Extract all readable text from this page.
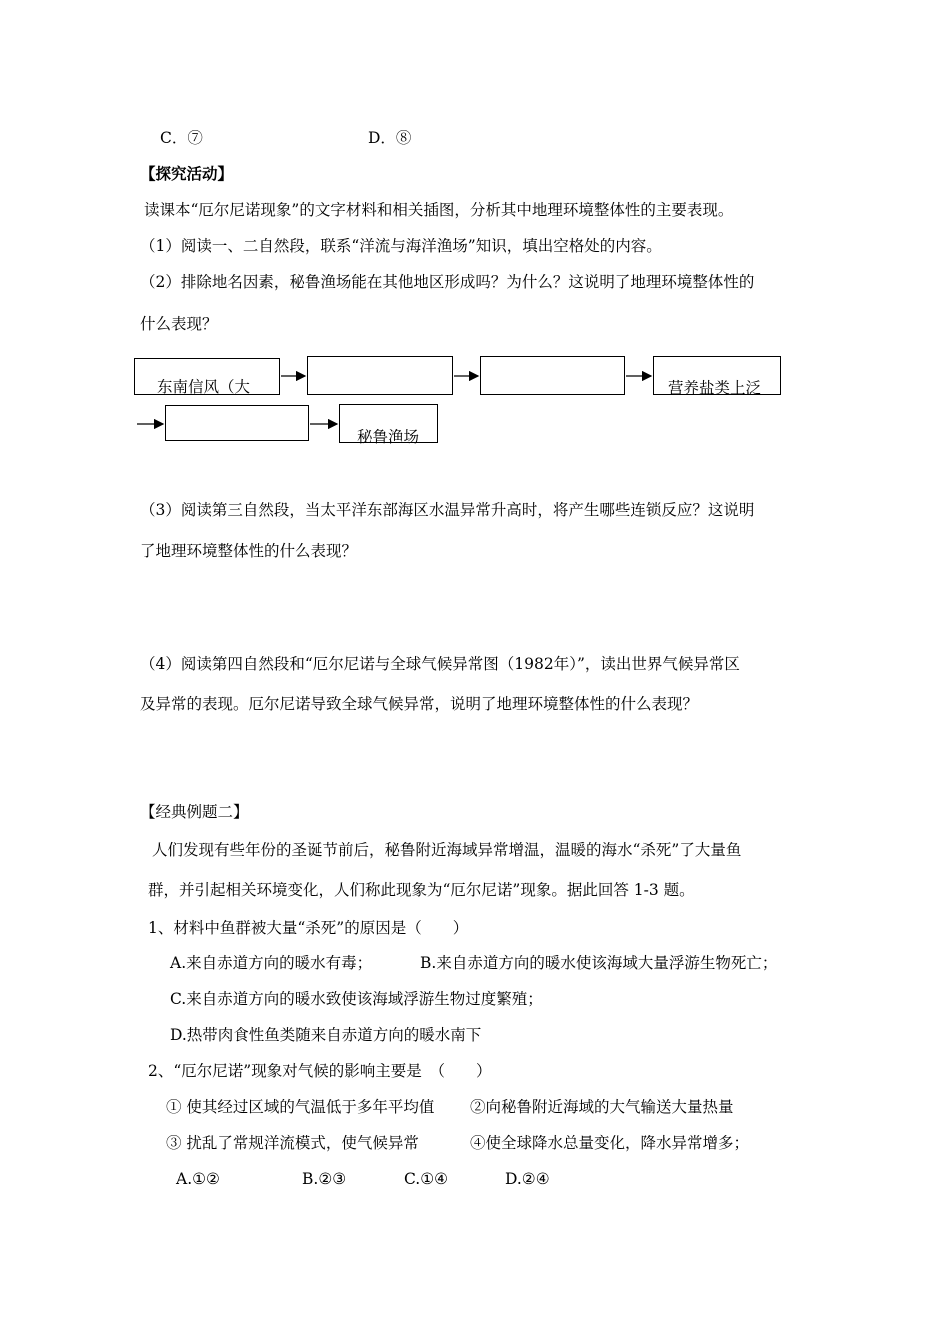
C．⑦	D．⑧
【探究活动】
读课本“厄尔尼诺现象”的文字材料和相关插图，分析其中地理环境整体性的主要表现。
（1）阅读一、二自然段，联系“洋流与海洋渔场”知识，填出空格处的内容。
（2）排除地名因素，秘鲁渔场能在其他地区形成吗？为什么？这说明了地理环境整体性的
什么表现？
东南信风（大	营养盐类上泛
秘鲁渔场
（3）阅读第三自然段，当太平洋东部海区水温异常升高时，将产生哪些连锁反应？这说明
了地理环境整体性的什么表现？
（4）阅读第四自然段和“厄尔尼诺与全球气候异常图（1982年）”，读出世界气候异常区
及异常的表现。厄尔尼诺导致全球气候异常，说明了地理环境整体性的什么表现？
【经典例题二】
人们发现有些年份的圣诞节前后，秘鲁附近海域异常增温，温暖的海水“杀死”了大量鱼
群，并引起相关环境变化，人们称此现象为“厄尔尼诺”现象。据此回答 1-3 题。
1、材料中鱼群被大量“杀死”的原因是（　　）
A.来自赤道方向的暖水有毒；	B.来自赤道方向的暖水使该海域大量浮游生物死亡；
C.来自赤道方向的暖水致使该海域浮游生物过度繁殖；
D.热带肉食性鱼类随来自赤道方向的暖水南下
2、“厄尔尼诺”现象对气候的影响主要是　（　　）
① 使其经过区域的气温低于多年平均值 ②向秘鲁附近海域的大气输送大量热量
③ 扰乱了常规洋流模式，使气候异常	④使全球降水总量变化，降水异常增多；
A.①②	B.②③	C.①④	D.②④
